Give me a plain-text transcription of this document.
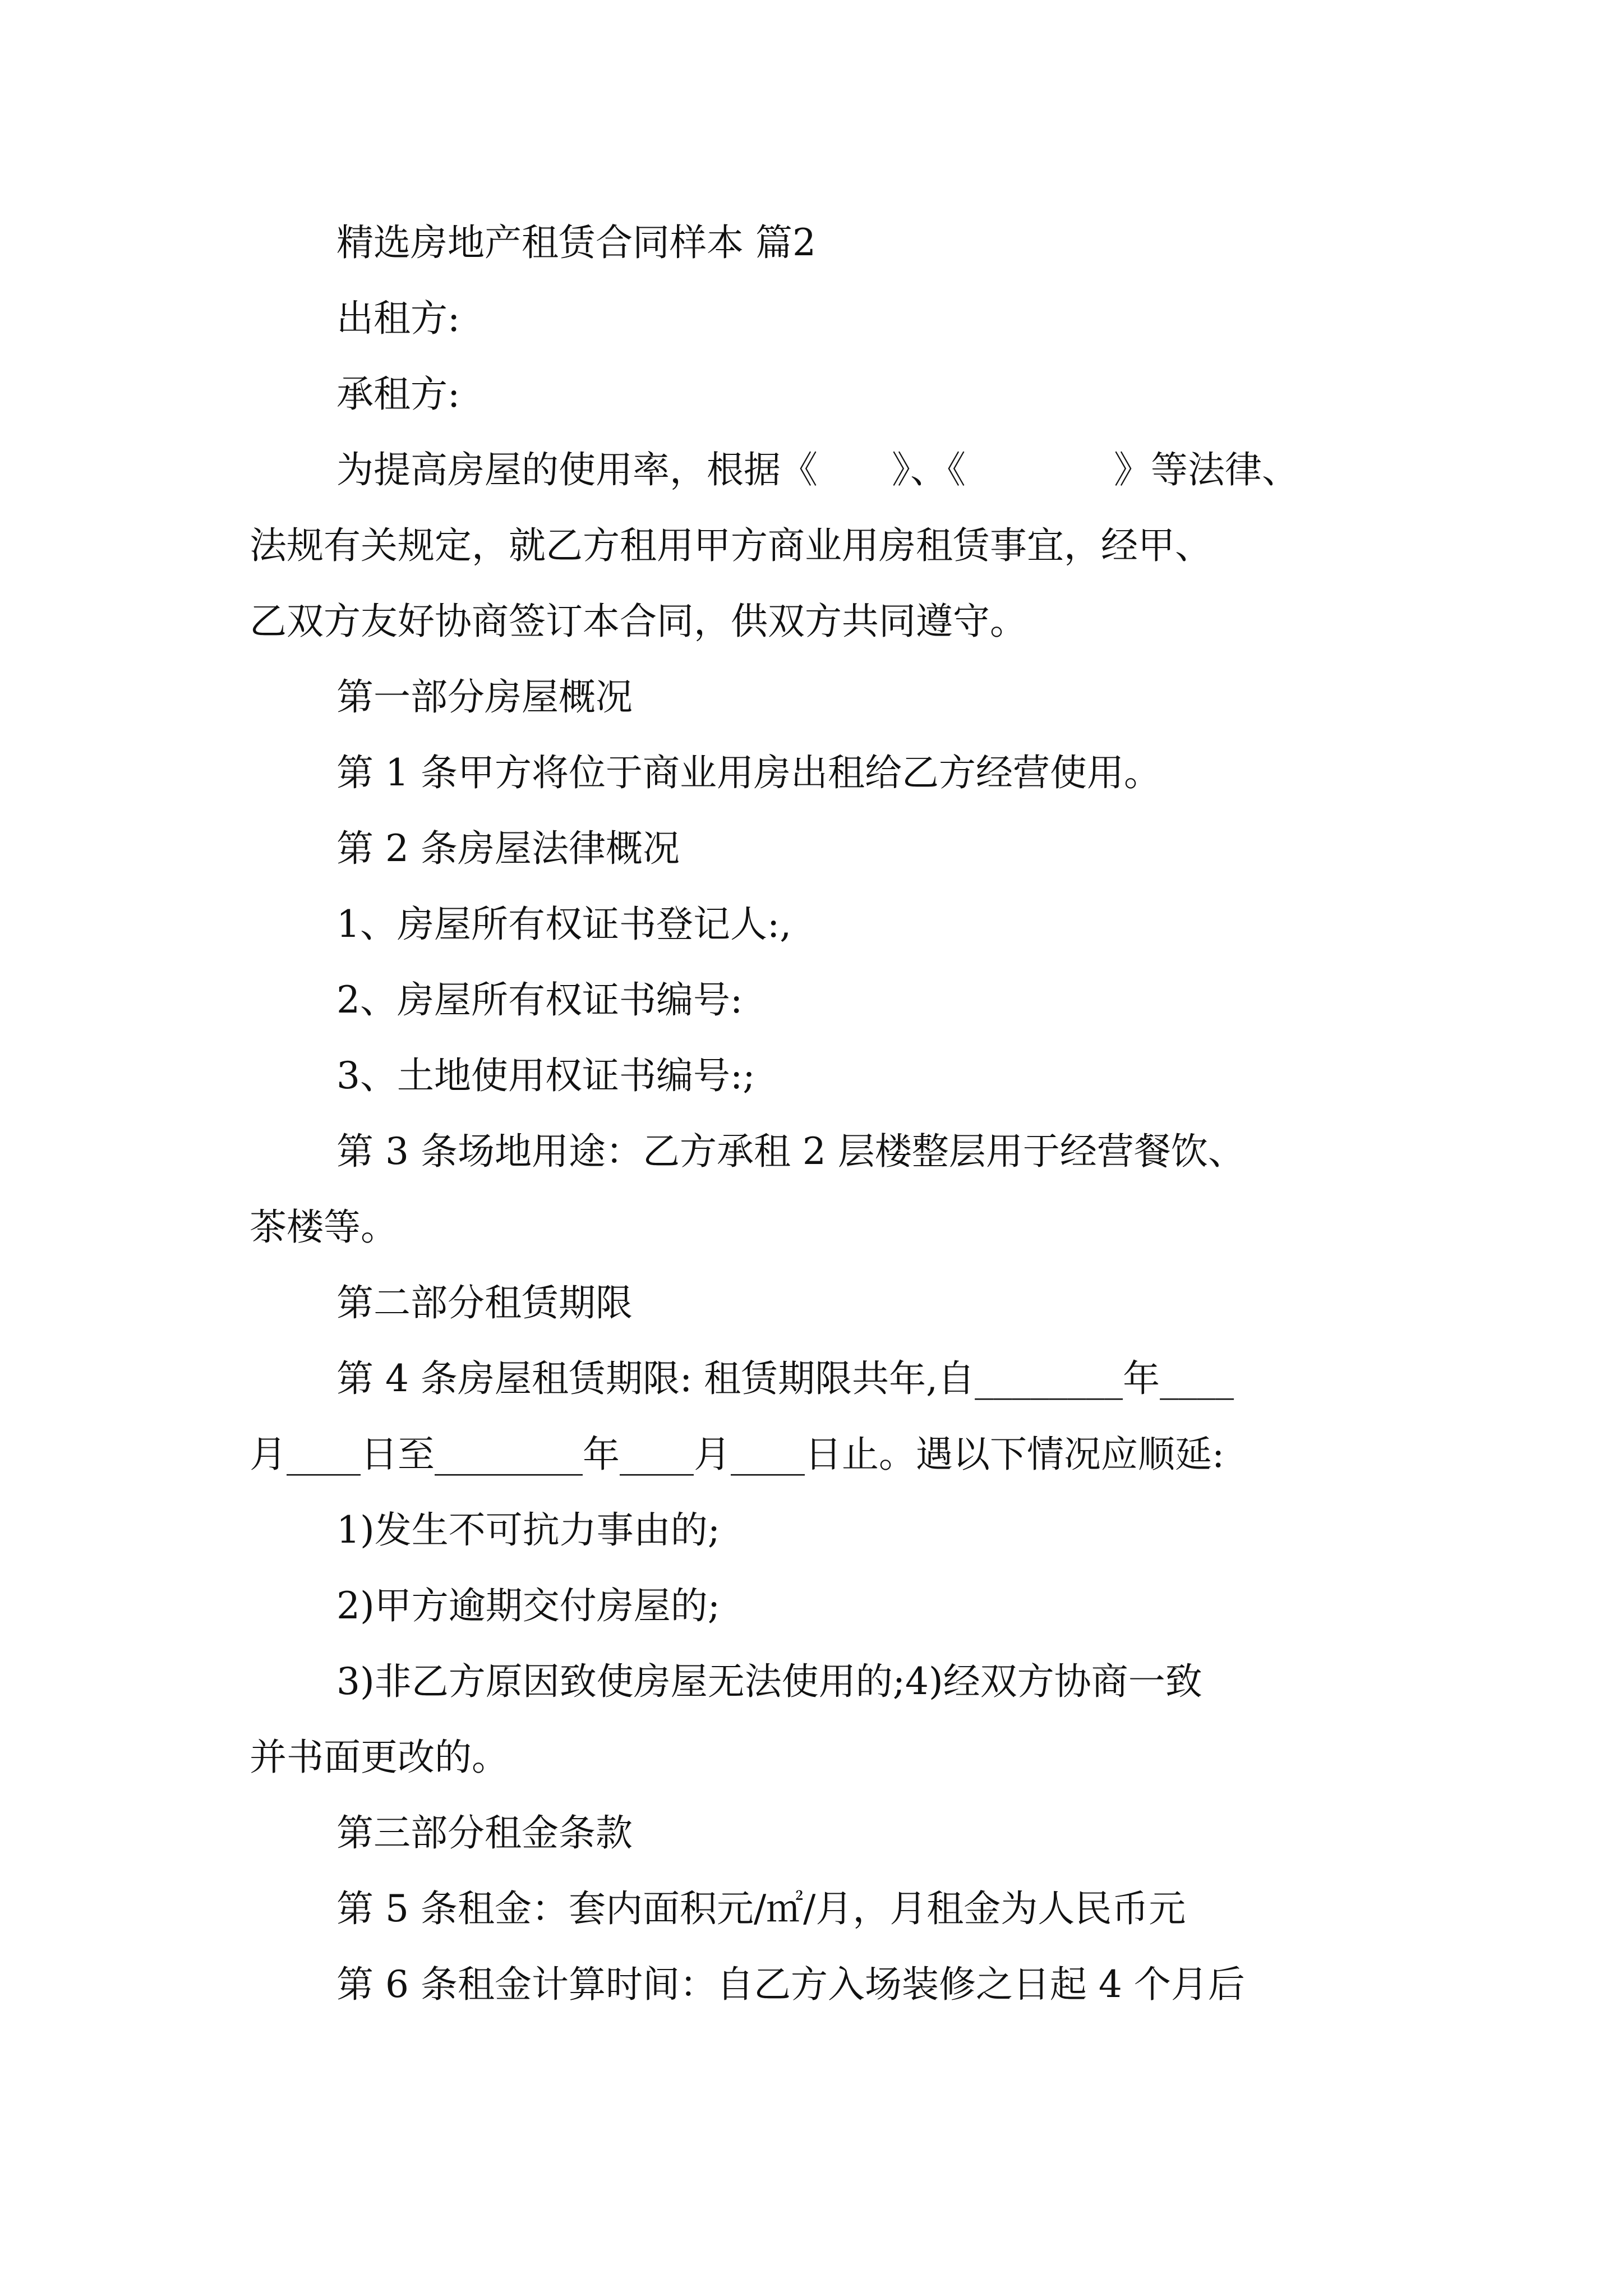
精选房地产租赁合同样本 篇2

出租方:

承租方:

为提高房屋的使用率，根据《　　》、《　　　　》等法律、

法规有关规定，就乙方租用甲方商业用房租赁事宜，经甲、

乙双方友好协商签订本合同，供双方共同遵守。

第一部分房屋概况

第 1 条甲方将位于商业用房出租给乙方经营使用。

第 2 条房屋法律概况

1、房屋所有权证书登记人:,

2、房屋所有权证书编号:

3、土地使用权证书编号:;

第 3 条场地用途：乙方承租 2 层楼整层用于经营餐饮、

茶楼等。

第二部分租赁期限

第 4 条房屋租赁期限: 租赁期限共年,自________年____

月____日至________年____月____日止。遇以下情况应顺延:

1)发生不可抗力事由的;

2)甲方逾期交付房屋的;

3)非乙方原因致使房屋无法使用的;4)经双方协商一致

并书面更改的。

第三部分租金条款

第 5 条租金：套内面积元/㎡/月，月租金为人民币元

第 6 条租金计算时间：自乙方入场装修之日起 4 个月后
